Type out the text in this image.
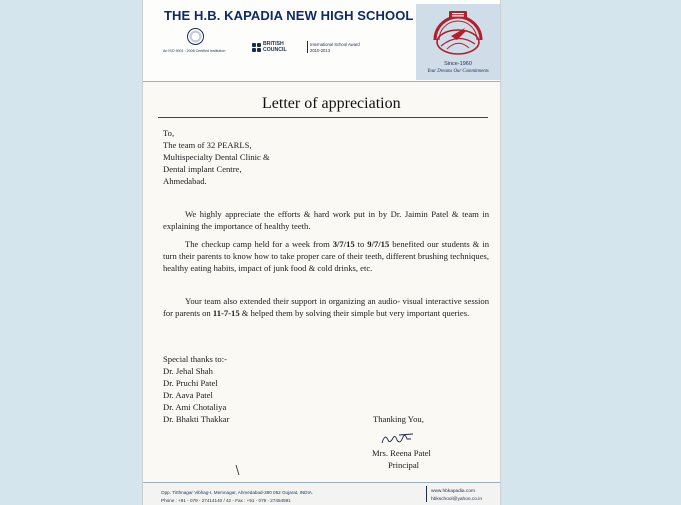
THE H.B. KAPADIA NEW HIGH SCHOOL
An ISO 9001 : 2008 Certified Institution
BRITISH
COUNCIL
International School Award
2010-2013
Since-1960
Your Dreams Our Commitments
Letter of appreciation
To,
The team of 32 PEARLS,
Multispecialty Dental Clinic &
Dental implant Centre,
Ahmedabad.
We highly appreciate the efforts & hard work put in by Dr. Jaimin Patel & team in explaining the importance of healthy teeth.
The checkup camp held for a week from 3/7/15 to 9/7/15 benefited our students & in turn their parents to know how to take proper care of their teeth, different brushing techniques, healthy eating habits, impact of junk food & cold drinks, etc.
Your team also extended their support in organizing an audio- visual interactive session for parents on 11-7-15 & helped them by solving their simple but very important queries.
Special thanks to:-
Dr. Jehal Shah
Dr. Pruchi Patel
Dr. Aava Patel
Dr. Ami Chotaliya
Dr. Bhakti Thakkar	Thanking You,
Mrs. Reena Patel
Principal
Opp. Tirthnagar Vibhag-I, Memnagar, Ahmedabad-380 052 Gujarat, INDIA.
Phone : +91 - 079 - 27414140 / 42 - Fax : +91 - 079 - 27454591
www.hbkapadia.com
hbkschool@yahoo.co.in
